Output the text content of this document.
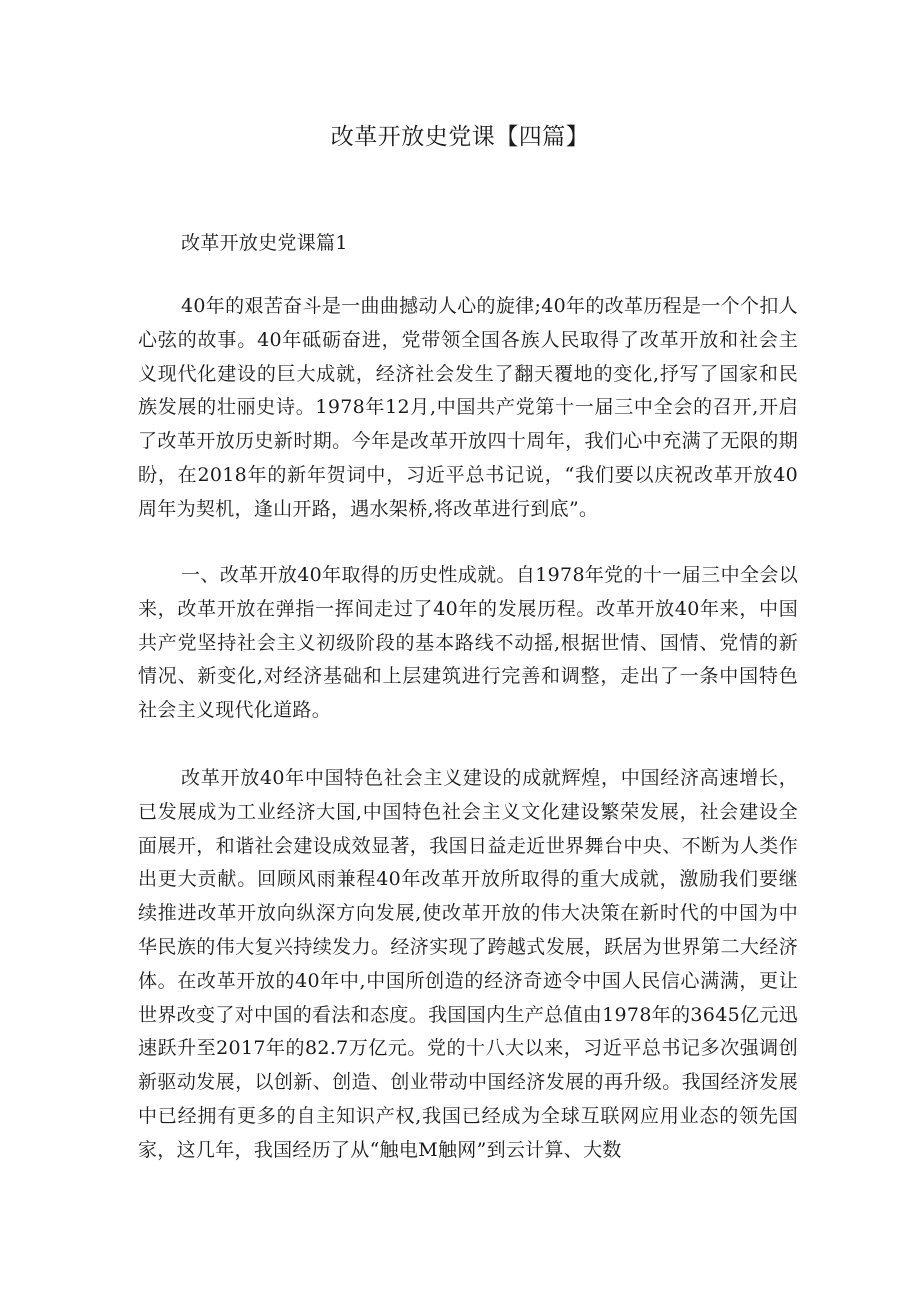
改革开放史党课【四篇】
改革开放史党课篇1

40年的艰苦奋斗是一曲曲撼动人心的旋律;40年的改革历程是一个个扣人心弦的故事。40年砥砺奋进，党带领全国各族人民取得了改革开放和社会主义现代化建设的巨大成就，经济社会发生了翻天覆地的变化,抒写了国家和民族发展的壮丽史诗。1978年12月,中国共产党第十一届三中全会的召开,开启了改革开放历史新时期。今年是改革开放四十周年，我们心中充满了无限的期盼，在2018年的新年贺词中，习近平总书记说，“我们要以庆祝改革开放40周年为契机，逢山开路，遇水架桥,将改革进行到底”。

一、改革开放40年取得的历史性成就。自1978年党的十一届三中全会以来，改革开放在弹指一挥间走过了40年的发展历程。改革开放40年来，中国共产党坚持社会主义初级阶段的基本路线不动摇,根据世情、国情、党情的新情况、新变化,对经济基础和上层建筑进行完善和调整，走出了一条中国特色社会主义现代化道路。

改革开放40年中国特色社会主义建设的成就辉煌，中国经济高速增长，已发展成为工业经济大国,中国特色社会主义文化建设繁荣发展，社会建设全面展开，和谐社会建设成效显著，我国日益走近世界舞台中央、不断为人类作出更大贡献。回顾风雨兼程40年改革开放所取得的重大成就，激励我们要继续推进改革开放向纵深方向发展,使改革开放的伟大决策在新时代的中国为中华民族的伟大复兴持续发力。经济实现了跨越式发展，跃居为世界第二大经济体。在改革开放的40年中,中国所创造的经济奇迹令中国人民信心满满，更让世界改变了对中国的看法和态度。我国国内生产总值由1978年的3645亿元迅速跃升至2017年的82.7万亿元。党的十八大以来，习近平总书记多次强调创新驱动发展，以创新、创造、创业带动中国经济发展的再升级。我国经济发展中已经拥有更多的自主知识产权,我国已经成为全球互联网应用业态的领先国家，这几年，我国经历了从“触电M触网”到云计算、大数
